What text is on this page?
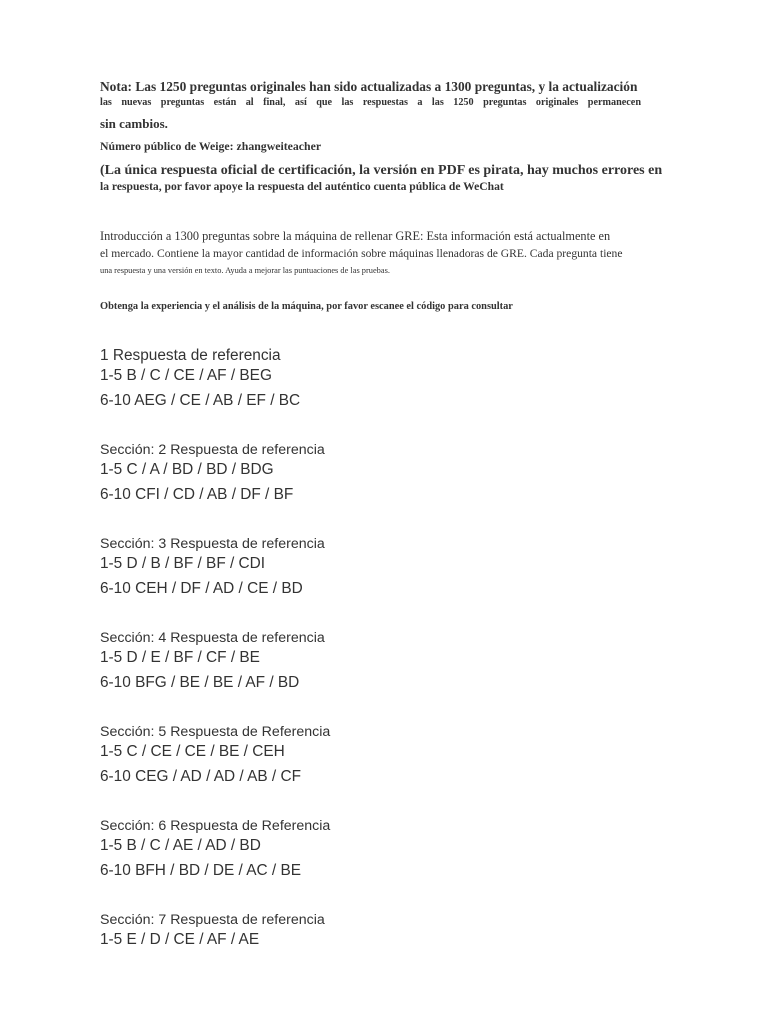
Nota: Las 1250 preguntas originales han sido actualizadas a 1300 preguntas, y la actualización

las nuevas preguntas están al final, así que las respuestas a las 1250 preguntas originales permanecen

sin cambios.

Número público de Weige: zhangweiteacher

(La única respuesta oficial de certificación, la versión en PDF es pirata, hay muchos errores en

la respuesta, por favor apoye la respuesta del auténtico cuenta pública de WeChat

Introducción a 1300 preguntas sobre la máquina de rellenar GRE: Esta información está actualmente en

el mercado. Contiene la mayor cantidad de información sobre máquinas llenadoras de GRE. Cada pregunta tiene

una respuesta y una versión en texto. Ayuda a mejorar las puntuaciones de las pruebas.

Obtenga la experiencia y el análisis de la máquina, por favor escanee el código para consultar

1 Respuesta de referencia

1-5 B / C / CE / AF / BEG

6-10 AEG / CE / AB / EF / BC

Sección: 2 Respuesta de referencia

1-5 C / A / BD / BD / BDG

6-10 CFI / CD / AB / DF / BF

Sección: 3 Respuesta de referencia

1-5 D / B / BF / BF / CDI

6-10 CEH / DF / AD / CE / BD

Sección: 4 Respuesta de referencia

1-5 D / E / BF / CF / BE

6-10 BFG / BE / BE / AF / BD

Sección: 5 Respuesta de Referencia

1-5 C / CE / CE / BE / CEH

6-10 CEG / AD / AD / AB / CF

Sección: 6 Respuesta de Referencia

1-5 B / C / AE / AD / BD

6-10 BFH / BD / DE / AC / BE

Sección: 7 Respuesta de referencia

1-5 E / D / CE / AF / AE
